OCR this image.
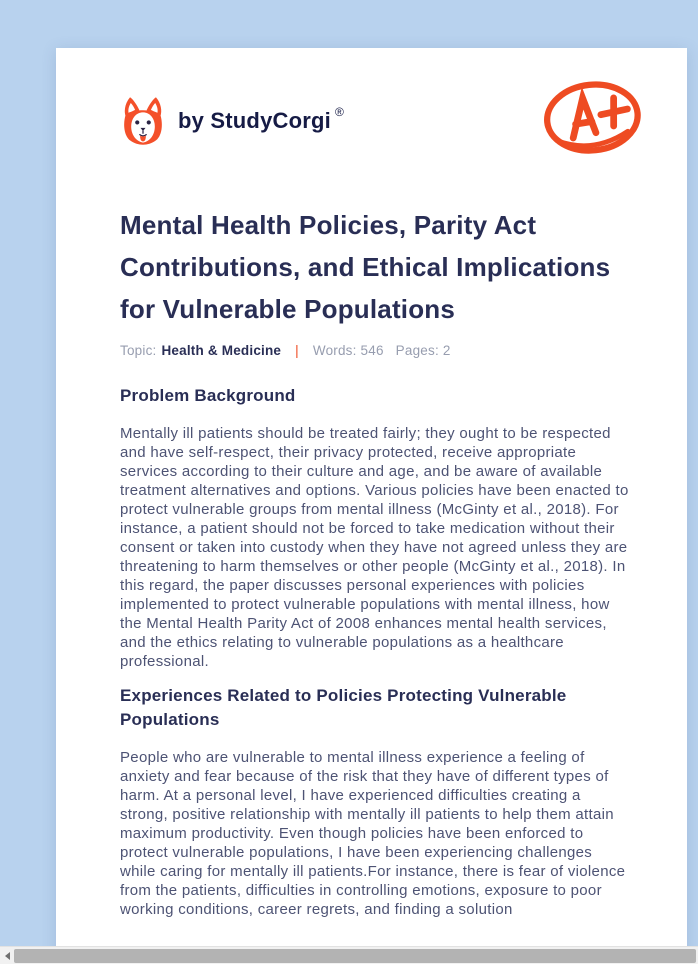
by StudyCorgi ®
Mental Health Policies, Parity Act Contributions, and Ethical Implications for Vulnerable Populations
Topic: Health & Medicine | Words: 546 Pages: 2
Problem Background

Mentally ill patients should be treated fairly; they ought to be respected and have self-respect, their privacy protected, receive appropriate services according to their culture and age, and be aware of available treatment alternatives and options. Various policies have been enacted to protect vulnerable groups from mental illness (McGinty et al., 2018). For instance, a patient should not be forced to take medication without their consent or taken into custody when they have not agreed unless they are threatening to harm themselves or other people (McGinty et al., 2018). In this regard, the paper discusses personal experiences with policies implemented to protect vulnerable populations with mental illness, how the Mental Health Parity Act of 2008 enhances mental health services, and the ethics relating to vulnerable populations as a healthcare professional.

Experiences Related to Policies Protecting Vulnerable Populations

People who are vulnerable to mental illness experience a feeling of anxiety and fear because of the risk that they have of different types of harm. At a personal level, I have experienced difficulties creating a strong, positive relationship with mentally ill patients to help them attain maximum productivity. Even though policies have been enforced to protect vulnerable populations, I have been experiencing challenges while caring for mentally ill patients.For instance, there is fear of violence from the patients, difficulties in controlling emotions, exposure to poor working conditions, career regrets, and finding a solution
